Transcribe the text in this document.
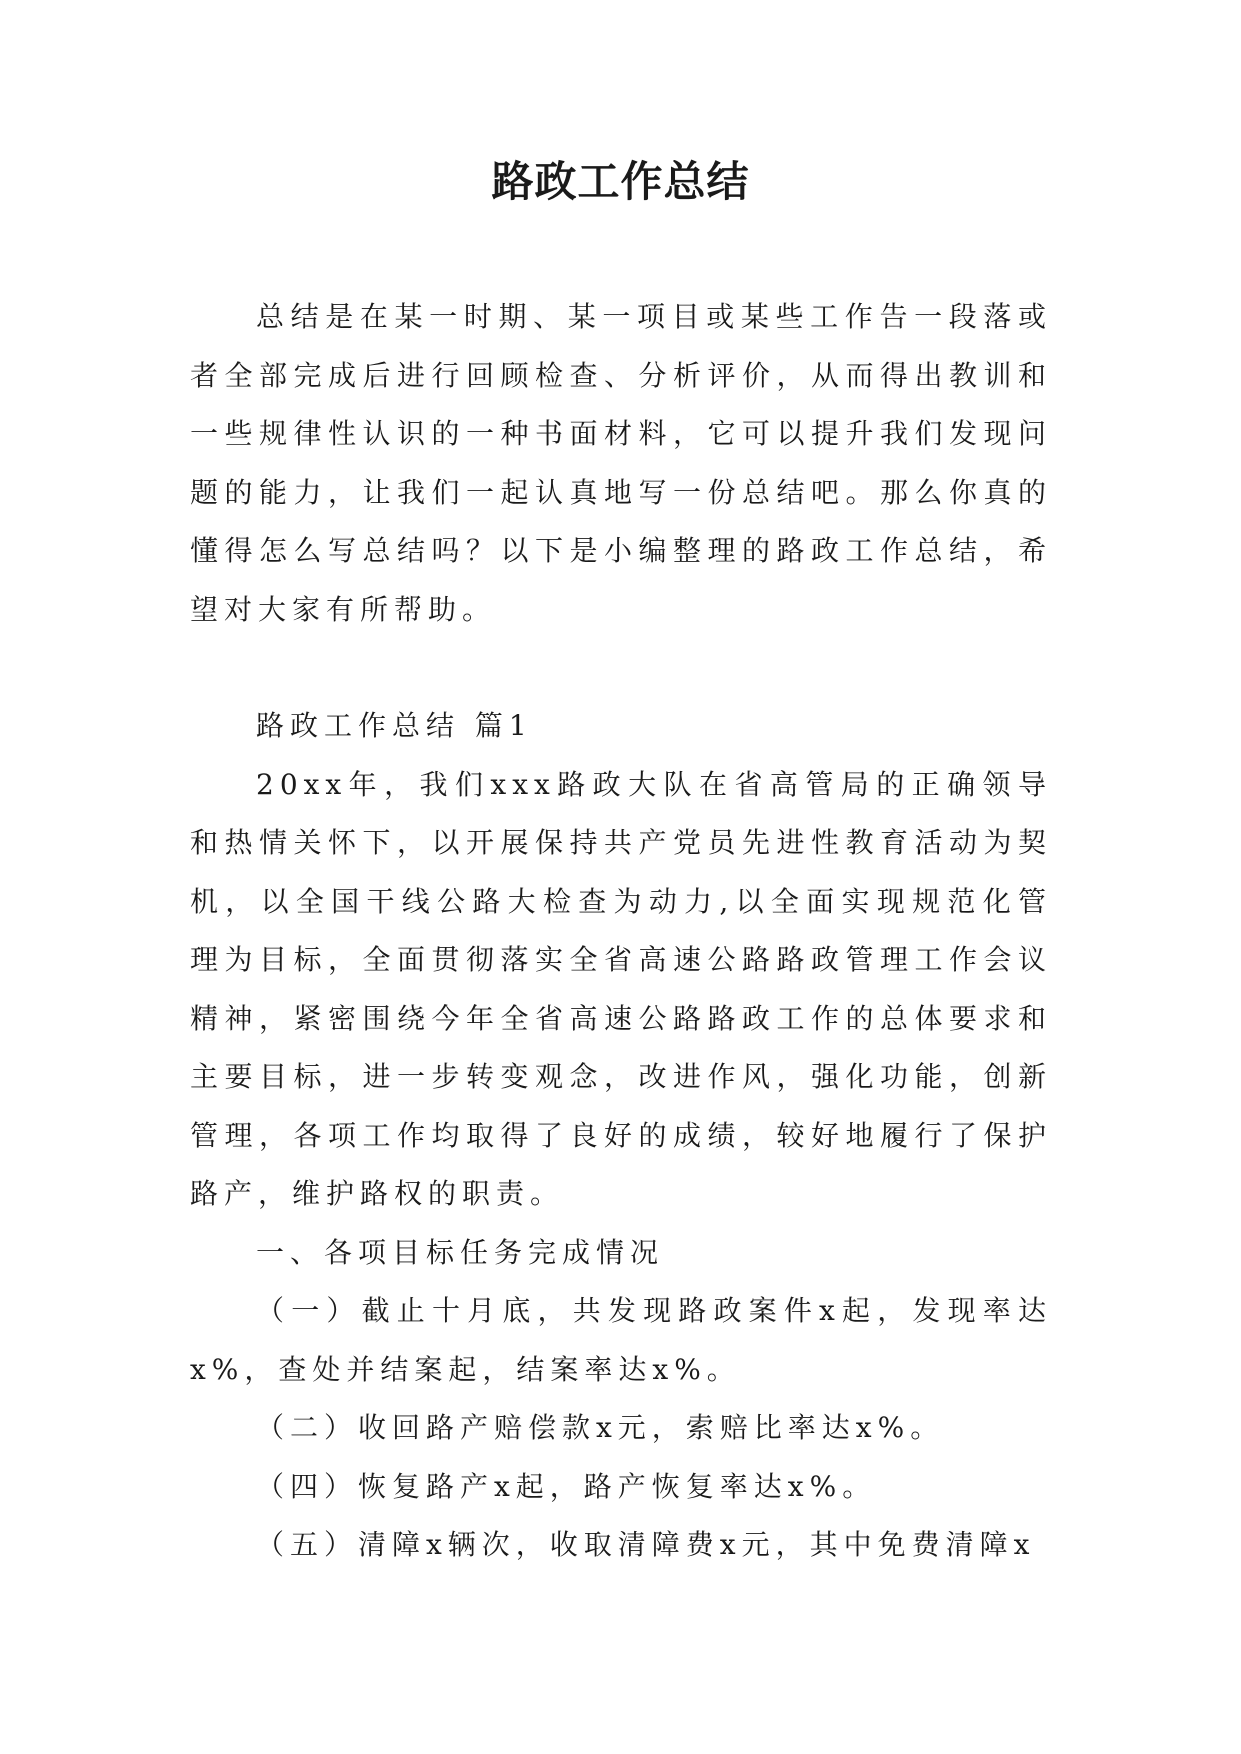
路政工作总结

总结是在某一时期、某一项目或某些工作告一段落或者全部完成后进行回顾检查、分析评价，从而得出教训和一些规律性认识的一种书面材料，它可以提升我们发现问题的能力，让我们一起认真地写一份总结吧。那么你真的懂得怎么写总结吗？以下是小编整理的路政工作总结，希望对大家有所帮助。

路政工作总结 篇1

20xx年，我们xxx路政大队在省高管局的正确领导和热情关怀下，以开展保持共产党员先进性教育活动为契机，以全国干线公路大检查为动力,以全面实现规范化管理为目标，全面贯彻落实全省高速公路路政管理工作会议精神，紧密围绕今年全省高速公路路政工作的总体要求和主要目标，进一步转变观念，改进作风，强化功能，创新管理，各项工作均取得了良好的成绩，较好地履行了保护路产，维护路权的职责。

一、各项目标任务完成情况

（一）截止十月底，共发现路政案件x起，发现率达x%，查处并结案起，结案率达x%。

（二）收回路产赔偿款x元，索赔比率达x%。

（四）恢复路产x起，路产恢复率达x%。

（五）清障x辆次，收取清障费x元，其中免费清障x
